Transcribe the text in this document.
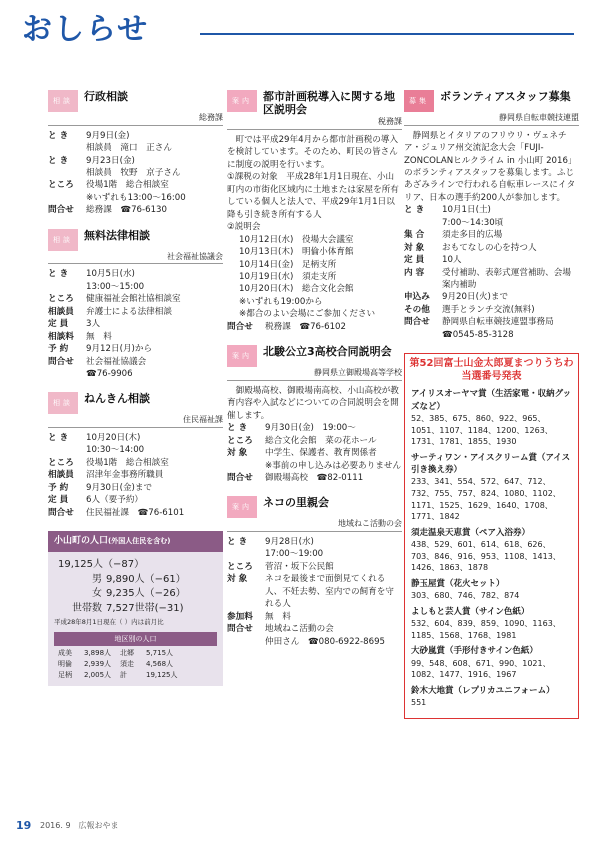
おしらせ
相談	行政相談
総務課
と き	9月9日(金)
相談員　滝口　正さん
と き	9月23日(金)
相談員　牧野　京子さん
ところ	役場1階　総合相談室
※いずれも13:00～16:00
問合せ	総務課　☎76-6130
相談	無料法律相談
社会福祉協議会
と き	10月5日(水)
13:00～15:00
ところ	健康福祉会館社協相談室
相談員	弁護士による法律相談
定 員	3人
相談料	無　料
予 約	9月12日(月)から
問合せ	社会福祉協議会
☎76-9906
相談	ねんきん相談
住民福祉課
と き	10月20日(木)
10:30～14:00
ところ	役場1階　総合相談室
相談員	沼津年金事務所職員
予 約	9月30日(金)まで
定 員	6人（要予約）
問合せ	住民福祉課　☎76-6101
小山町の人口(外国人住民を含む)
19,125人（−87）
男 9,890人（−61）
女 9,235人（−26）
世帯数 7,527世帯(−31)
平成28年8月1日現在（ ）内は前月比
地区別の人口
成美	3,898人	北郷	5,715人
明倫	2,939人	須走	4,568人
足柄	2,005人	計	19,125人
案内	都市計画税導入に関する地区説明会
税務課

町では平成29年4月から都市計画税の導入を検討しています。そのため、町民の皆さんに制度の説明を行います。

①課税の対象　平成28年1月1日現在、小山町内の市街化区域内に土地または家屋を所有している個人と法人で、平成29年1月1日以降も引き続き所有する人
②説明会
10月12日(水)　役場大会議室
10月13日(木)　明倫小体育館
10月14日(金)　足柄支所
10月19日(水)　須走支所
10月20日(木)　総合文化会館
※いずれも19:00から
※都合のよい会場にご参加ください
問合せ	税務課　☎76-6102
案内	北駿公立3高校合同説明会
静岡県立御殿場高等学校

御殿場高校、御殿場南高校、小山高校が教育内容や入試などについての合同説明会を開催します。

と き	9月30日(金)　19:00～
ところ	総合文化会館　菜の花ホール
対 象	中学生、保護者、教育関係者
※事前の申し込みは必要ありません
問合せ	御殿場高校　☎82-0111
案内	ネコの里親会
地域ねこ活動の会
と き	9月28日(水)
17:00～19:00
ところ	菅沼・坂下公民館
対 象	ネコを最後まで面倒見てくれる人、不妊去勢、室内での飼育を守れる人
参加料	無　料
問合せ	地域ねこ活動の会
仲田さん　☎080-6922-8695
募集	ボランティアスタッフ募集
静岡県自転車競技連盟

静岡県とイタリアのフリウリ・ヴェネチア・ジュリア州交流記念大会「FUJI-ZONCOLANヒルクライム in 小山町 2016」のボランティアスタッフを募集します。ふじあざみラインで行われる自転車レースにイタリア、日本の選手約200人が参加します。

と き	10月1日(土)
7:00～14:30頃
集 合	須走多目的広場
対 象	おもてなしの心を持つ人
定 員	10人
内 容	受付補助、表彰式運営補助、会場案内補助
申込み	9月20日(火)まで
その他	選手とランチ交流(無料)
問合せ	静岡県自転車競技連盟事務局　☎0545-85-3128
第52回富士山金太郎夏まつりうちわ当選番号発表
アイリスオーヤマ賞（生活家電・収納グッズなど）
52、385、675、860、922、965、1051、1107、1184、1200、1263、1731、1781、1855、1930
サーティワン・アイスクリーム賞（アイス引き換え券）
233、341、554、572、647、712、732、755、757、824、1080、1102、1171、1525、1629、1640、1708、1771、1842
須走温泉天恵賞（ペア入浴券）
438、529、601、614、618、626、703、846、916、953、1108、1413、1426、1863、1878
静玉屋賞（花火セット）
303、680、746、782、874
よしもと芸人賞（サイン色紙）
532、604、839、859、1090、1163、1185、1568、1768、1981
大砂嵐賞（手形付きサイン色紙）
99、548、608、671、990、1021、1082、1477、1916、1967
鈴木大地賞（レプリカユニフォーム）
551
19 2016. 9　広報おやま
